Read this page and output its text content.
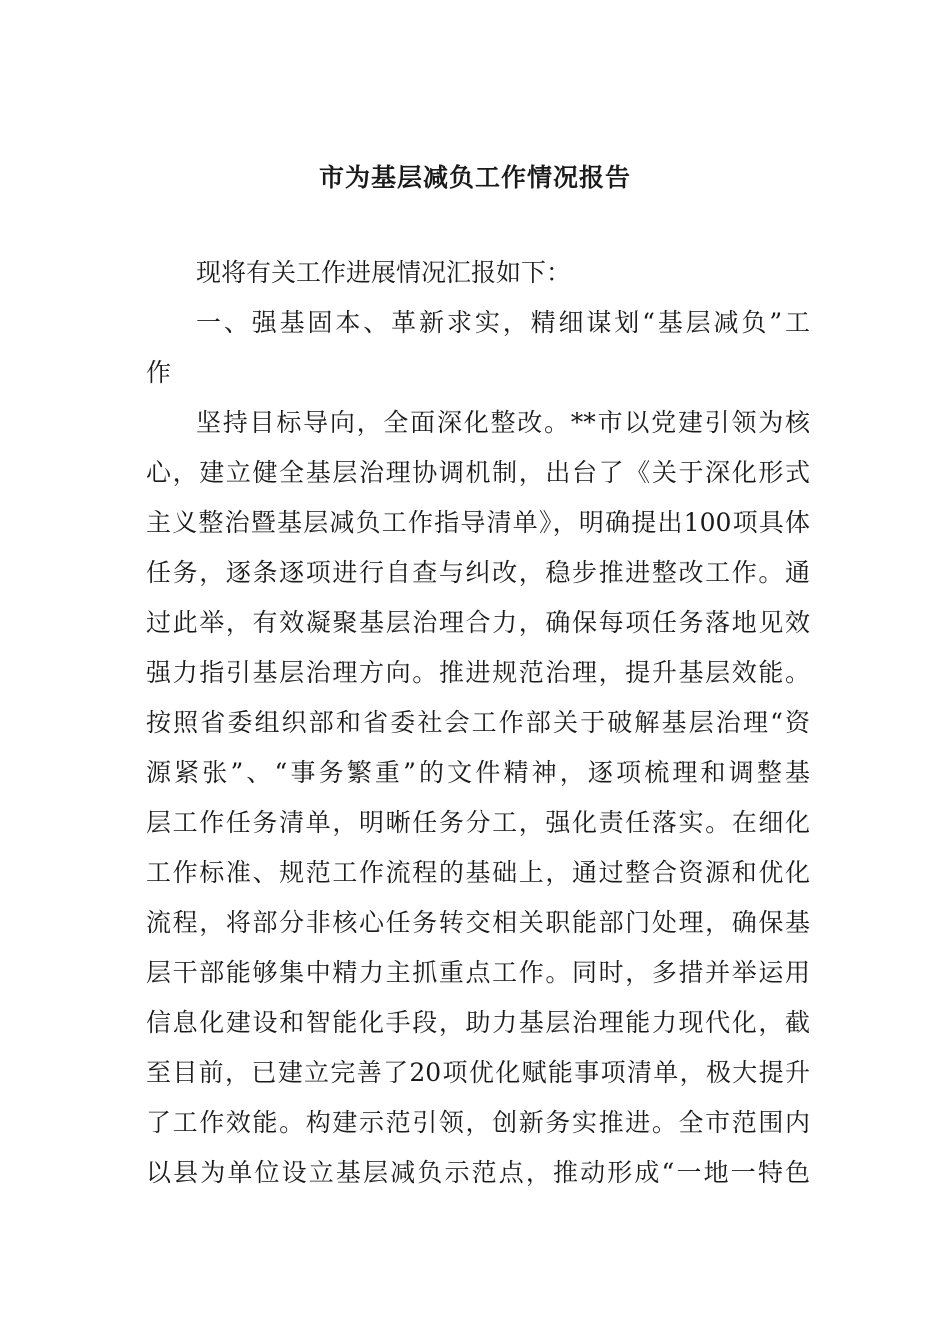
市为基层减负工作情况报告
现将有关工作进展情况汇报如下：
一、强基固本、革新求实，精细谋划“基层减负”工
作
坚持目标导向，全面深化整改。**市以党建引领为核
心，建立健全基层治理协调机制，出台了《关于深化形式
主义整治暨基层减负工作指导清单》，明确提出100项具体
任务，逐条逐项进行自查与纠改，稳步推进整改工作。通
过此举，有效凝聚基层治理合力，确保每项任务落地见效
强力指引基层治理方向。推进规范治理，提升基层效能。
按照省委组织部和省委社会工作部关于破解基层治理“资
源紧张”、“事务繁重”的文件精神，逐项梳理和调整基
层工作任务清单，明晰任务分工，强化责任落实。在细化
工作标准、规范工作流程的基础上，通过整合资源和优化
流程，将部分非核心任务转交相关职能部门处理，确保基
层干部能够集中精力主抓重点工作。同时，多措并举运用
信息化建设和智能化手段，助力基层治理能力现代化，截
至目前，已建立完善了20项优化赋能事项清单，极大提升
了工作效能。构建示范引领，创新务实推进。全市范围内
以县为单位设立基层减负示范点，推动形成“一地一特色
